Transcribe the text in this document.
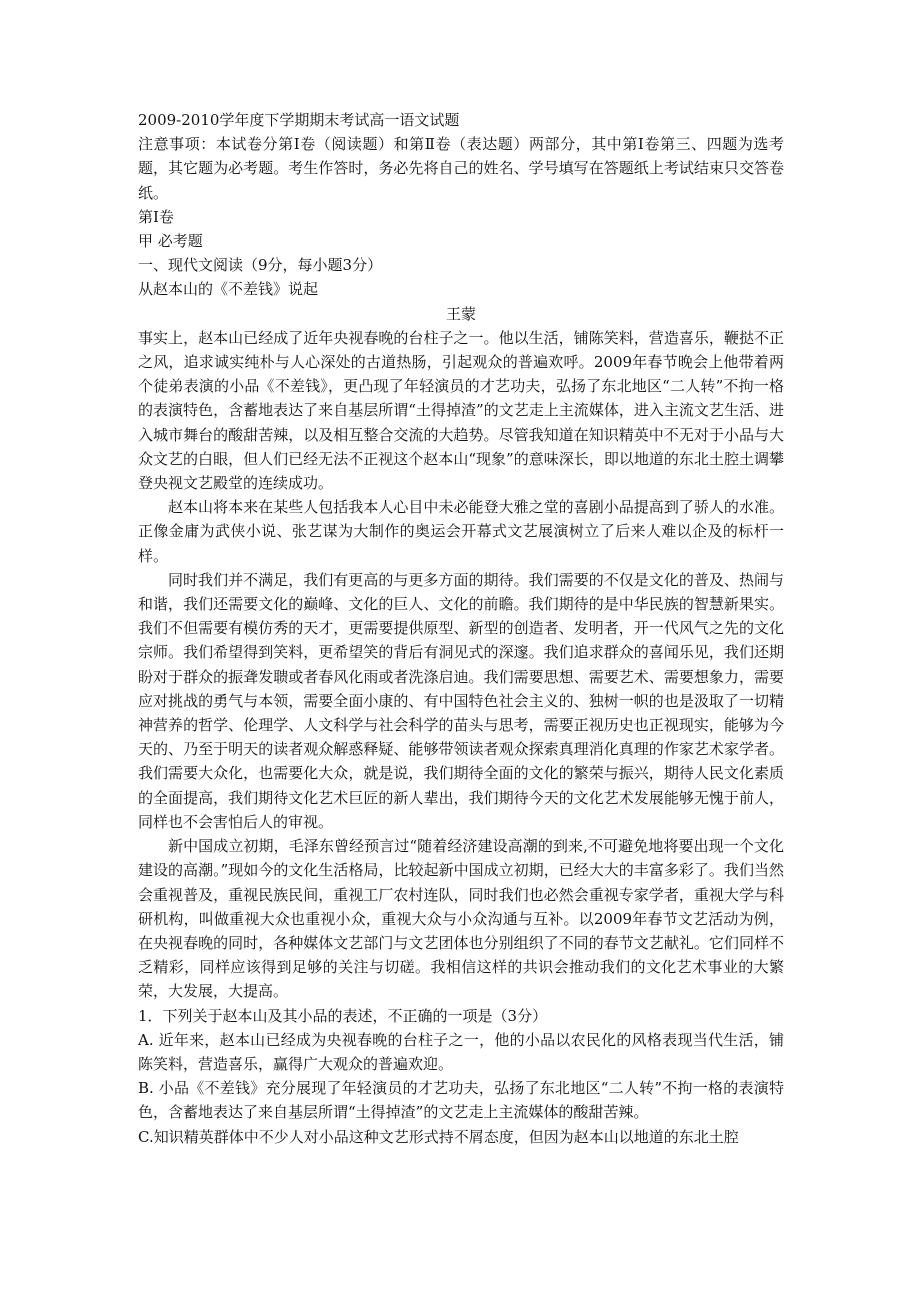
2009-2010学年度下学期期末考试高一语文试题

注意事项：本试卷分第Ⅰ卷（阅读题）和第Ⅱ卷（表达题）两部分，其中第Ⅰ卷第三、四题为选考题，其它题为必考题。考生作答时，务必先将自己的姓名、学号填写在答题纸上考试结束只交答卷纸。

第Ⅰ卷

甲 必考题

一、现代文阅读（9分，每小题3分）

从赵本山的《不差钱》说起

王蒙

事实上，赵本山已经成了近年央视春晚的台柱子之一。他以生活，铺陈笑料，营造喜乐，鞭挞不正之风，追求诚实纯朴与人心深处的古道热肠，引起观众的普遍欢呼。2009年春节晚会上他带着两个徒弟表演的小品《不差钱》，更凸现了年轻演员的才艺功夫，弘扬了东北地区“二人转”不拘一格的表演特色，含蓄地表达了来自基层所谓“土得掉渣”的文艺走上主流媒体，进入主流文艺生活、进入城市舞台的酸甜苦辣，以及相互整合交流的大趋势。尽管我知道在知识精英中不无对于小品与大众文艺的白眼，但人们已经无法不正视这个赵本山“现象”的意味深长，即以地道的东北土腔土调攀登央视文艺殿堂的连续成功。

赵本山将本来在某些人包括我本人心目中未必能登大雅之堂的喜剧小品提高到了骄人的水准。正像金庸为武侠小说、张艺谋为大制作的奥运会开幕式文艺展演树立了后来人难以企及的标杆一样。

同时我们并不满足，我们有更高的与更多方面的期待。我们需要的不仅是文化的普及、热闹与和谐，我们还需要文化的巅峰、文化的巨人、文化的前瞻。我们期待的是中华民族的智慧新果实。我们不但需要有模仿秀的天才，更需要提供原型、新型的创造者、发明者，开一代风气之先的文化宗师。我们希望得到笑料，更希望笑的背后有洞见式的深邃。我们追求群众的喜闻乐见，我们还期盼对于群众的振聋发聩或者春风化雨或者洗涤启迪。我们需要思想、需要艺术、需要想象力，需要应对挑战的勇气与本领，需要全面小康的、有中国特色社会主义的、独树一帜的也是汲取了一切精神营养的哲学、伦理学、人文科学与社会科学的苗头与思考，需要正视历史也正视现实，能够为今天的、乃至于明天的读者观众解惑释疑、能够带领读者观众探索真理消化真理的作家艺术家学者。我们需要大众化，也需要化大众，就是说，我们期待全面的文化的繁荣与振兴，期待人民文化素质的全面提高，我们期待文化艺术巨匠的新人辈出，我们期待今天的文化艺术发展能够无愧于前人，同样也不会害怕后人的审视。

新中国成立初期，毛泽东曾经预言过“随着经济建设高潮的到来,不可避免地将要出现一个文化建设的高潮。”现如今的文化生活格局，比较起新中国成立初期，已经大大的丰富多彩了。我们当然会重视普及，重视民族民间，重视工厂农村连队，同时我们也必然会重视专家学者，重视大学与科研机构，叫做重视大众也重视小众，重视大众与小众沟通与互补。以2009年春节文艺活动为例，在央视春晚的同时，各种媒体文艺部门与文艺团体也分别组织了不同的春节文艺献礼。它们同样不乏精彩，同样应该得到足够的关注与切磋。我相信这样的共识会推动我们的文化艺术事业的大繁荣，大发展，大提高。

1．下列关于赵本山及其小品的表述，不正确的一项是（3分）

A. 近年来，赵本山已经成为央视春晚的台柱子之一，他的小品以农民化的风格表现当代生活，铺陈笑料，营造喜乐，赢得广大观众的普遍欢迎。

B. 小品《不差钱》充分展现了年轻演员的才艺功夫，弘扬了东北地区“二人转”不拘一格的表演特色，含蓄地表达了来自基层所谓“土得掉渣”的文艺走上主流媒体的酸甜苦辣。

C.知识精英群体中不少人对小品这种文艺形式持不屑态度，但因为赵本山以地道的东北土腔
